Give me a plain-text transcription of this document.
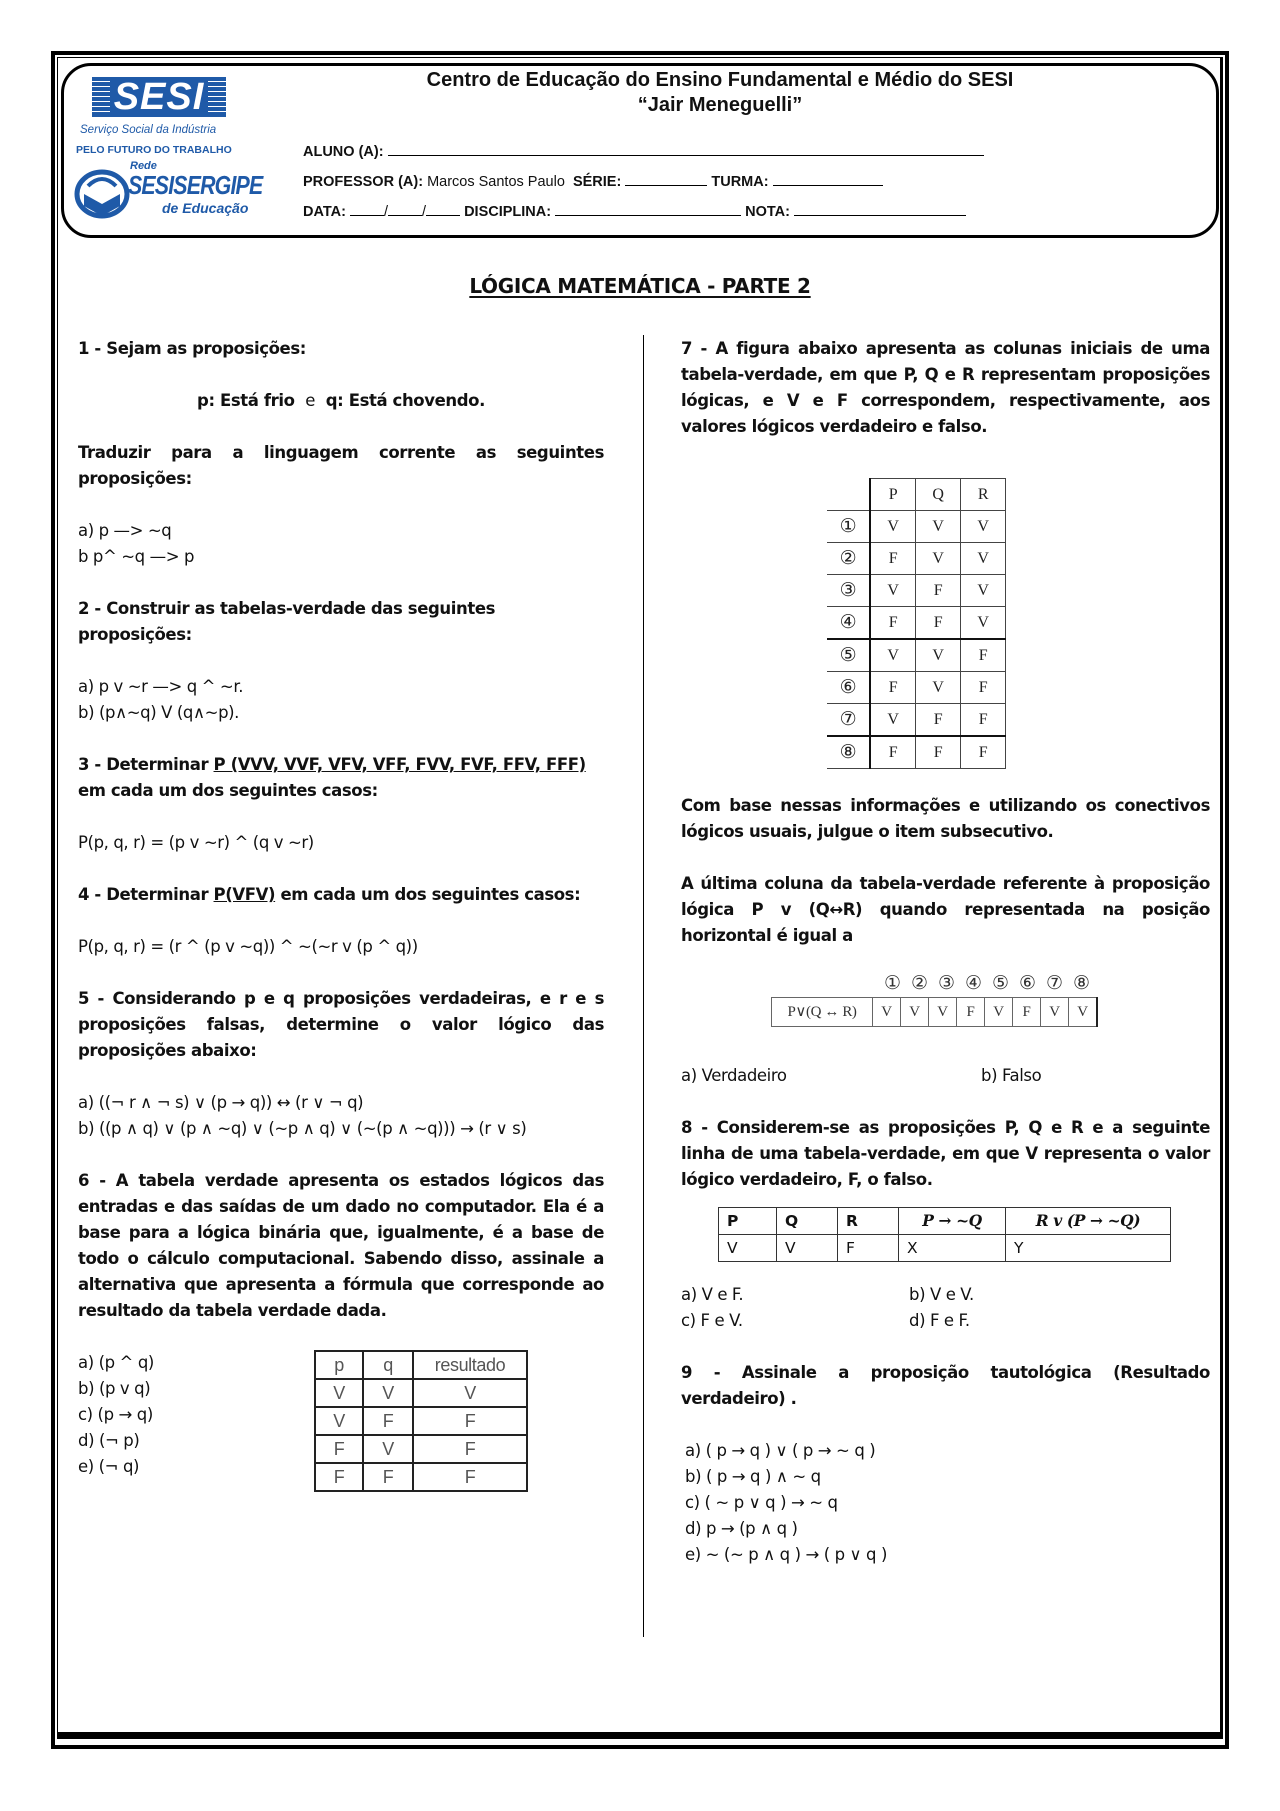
SESI
Serviço Social da Indústria
PELO FUTURO DO TRABALHO
Rede
SESISERGIPE
de Educação
Centro de Educação do Ensino Fundamental e Médio do SESI
“Jair Meneguelli”
ALUNO (A):
PROFESSOR (A): Marcos Santos Paulo SÉRIE:	TURMA:
DATA:	/ /	DISCIPLINA:	NOTA:
LÓGICA MATEMÁTICA - PARTE 2

1 - Sejam as proposições:

p: Está frio e q: Está chovendo.

Traduzir para a linguagem corrente as seguintes proposições:

a) p —> ~q

b p^ ~q —> p

2 - Construir as tabelas-verdade das seguintes proposições:

a) p v ~r —> q ^ ~r.

b) (p∧~q) V (q∧~p).

3 - Determinar P (VVV, VVF, VFV, VFF, FVV, FVF, FFV, FFF)
em cada um dos seguintes casos:

P(p, q, r) = (p v ~r) ^ (q v ~r)

4 - Determinar P(VFV) em cada um dos seguintes casos:

P(p, q, r) = (r ^ (p v ~q)) ^ ~(~r v (p ^ q))

5 - Considerando p e q proposições verdadeiras, e r e s proposições falsas, determine o valor lógico das proposições abaixo:

a) ((¬ r ∧ ¬ s) ∨ (p → q)) ↔ (r ∨ ¬ q)

b) ((p ∧ q) ∨ (p ∧ ~q) ∨ (~p ∧ q) ∨ (~(p ∧ ~q))) → (r ∨ s)

6 - A tabela verdade apresenta os estados lógicos das entradas e das saídas de um dado no computador. Ela é a base para a lógica binária que, igualmente, é a base de todo o cálculo computacional. Sabendo disso, assinale a alternativa que apresenta a fórmula que corresponde ao resultado da tabela verdade dada.

a) (p ^ q)

b) (p v q)

c) (p → q)

d) (¬ p)

e) (¬ q)

p	q	resultado
V	V	V
V	F	F
F	V	F
F	F	F

7 - A figura abaixo apresenta as colunas iniciais de uma tabela-verdade, em que P, Q e R representam proposições lógicas, e V e F correspondem, respectivamente, aos valores lógicos verdadeiro e falso.

	P	Q	R
①	V	V	V
②	F	V	V
③	V	F	V
④	F	F	V
⑤	V	V	F
⑥	F	V	F
⑦	V	F	F
⑧	F	F	F

Com base nessas informações e utilizando os conectivos lógicos usuais, julgue o item subsecutivo.

A última coluna da tabela-verdade referente à proposição lógica P v (Q↔R) quando representada na posição horizontal é igual a

① ② ③ ④ ⑤ ⑥ ⑦ ⑧
P∨(Q ↔ R)	V	V	V	F	V	F	V	V

a) Verdadeiro	b) Falso

8 - Considerem-se as proposições P, Q e R e a seguinte linha de uma tabela-verdade, em que V representa o valor lógico verdadeiro, F, o falso.

P	Q	R	P → ~Q	R v (P → ~Q)
V	V	F	X	Y

a) V e F.	b) V e V.

c) F e V.	d) F e F.

9 - Assinale a proposição tautológica (Resultado verdadeiro) .

a) ( p → q ) ∨ ( p → ~ q )

b) ( p → q ) ∧ ~ q

c) ( ~ p ∨ q ) → ~ q

d) p → (p ∧ q )

e) ~ (~ p ∧ q ) → ( p ∨ q )
